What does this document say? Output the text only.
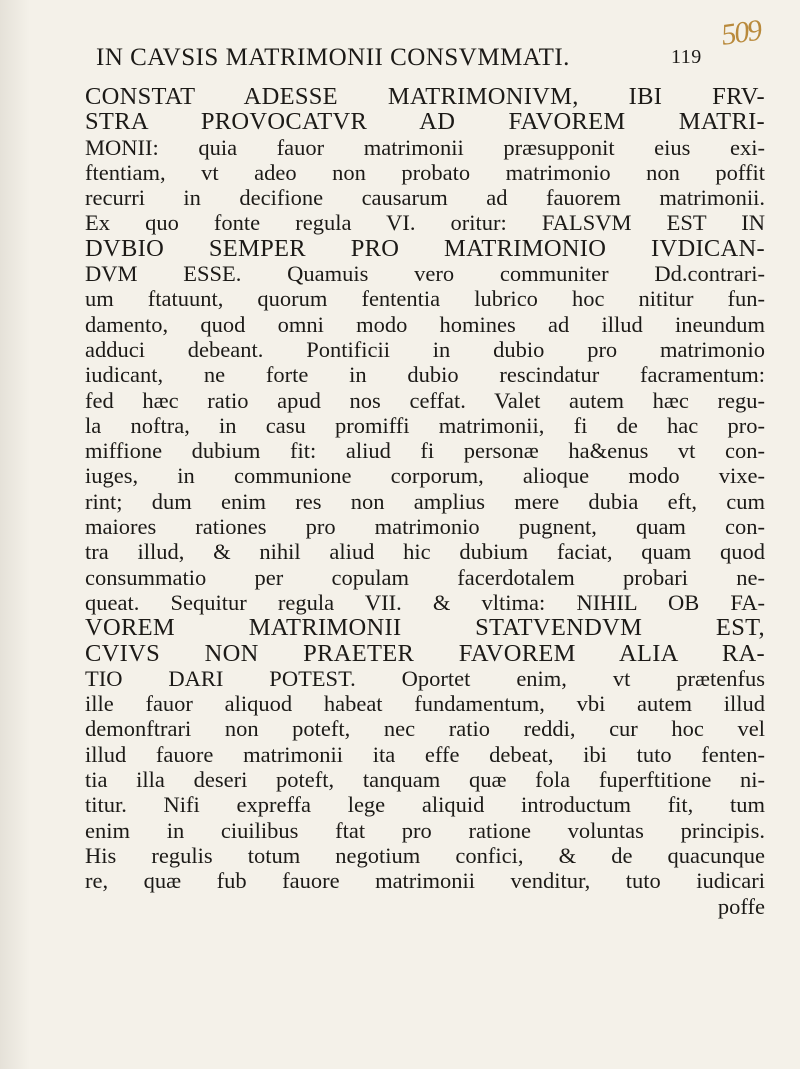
509
IN CAVSIS MATRIMONII CONSVMMATI.	119
CONSTAT ADESSE MATRIMONIVM, IBI FRV-
STRA PROVOCATVR AD FAVOREM MATRI-
MONII: quia fauor matrimonii præsupponit eius exi-
ftentiam, vt adeo non probato matrimonio non poffit
recurri in decifione causarum ad fauorem matrimonii.
Ex quo fonte regula VI. oritur: FALSVM EST IN
DVBIO SEMPER PRO MATRIMONIO IVDICAN-
DVM ESSE. Quamuis vero communiter Dd.contrari-
um ftatuunt, quorum fententia lubrico hoc nititur fun-
damento, quod omni modo homines ad illud ineundum
adduci debeant. Pontificii in dubio pro matrimonio
iudicant, ne forte in dubio rescindatur facramentum:
fed hæc ratio apud nos ceffat. Valet autem hæc regu-
la noftra, in casu promiffi matrimonii, fi de hac pro-
miffione dubium fit: aliud fi personæ ha&enus vt con-
iuges, in communione corporum, alioque modo vixe-
rint; dum enim res non amplius mere dubia eft, cum
maiores rationes pro matrimonio pugnent, quam con-
tra illud, & nihil aliud hic dubium faciat, quam quod
consummatio per copulam facerdotalem probari ne-
queat. Sequitur regula VII. & vltima: NIHIL OB FA-
VOREM MATRIMONII STATVENDVM EST,
CVIVS NON PRAETER FAVOREM ALIA RA-
TIO DARI POTEST. Oportet enim, vt prætenfus
ille fauor aliquod habeat fundamentum, vbi autem illud
demonftrari non poteft, nec ratio reddi, cur hoc vel
illud fauore matrimonii ita effe debeat, ibi tuto fenten-
tia illa deseri poteft, tanquam quæ fola fuperftitione ni-
titur. Nifi expreffa lege aliquid introductum fit, tum
enim in ciuilibus ftat pro ratione voluntas principis.
His regulis totum negotium confici, & de quacunque
re, quæ fub fauore matrimonii venditur, tuto iudicari
poffe
